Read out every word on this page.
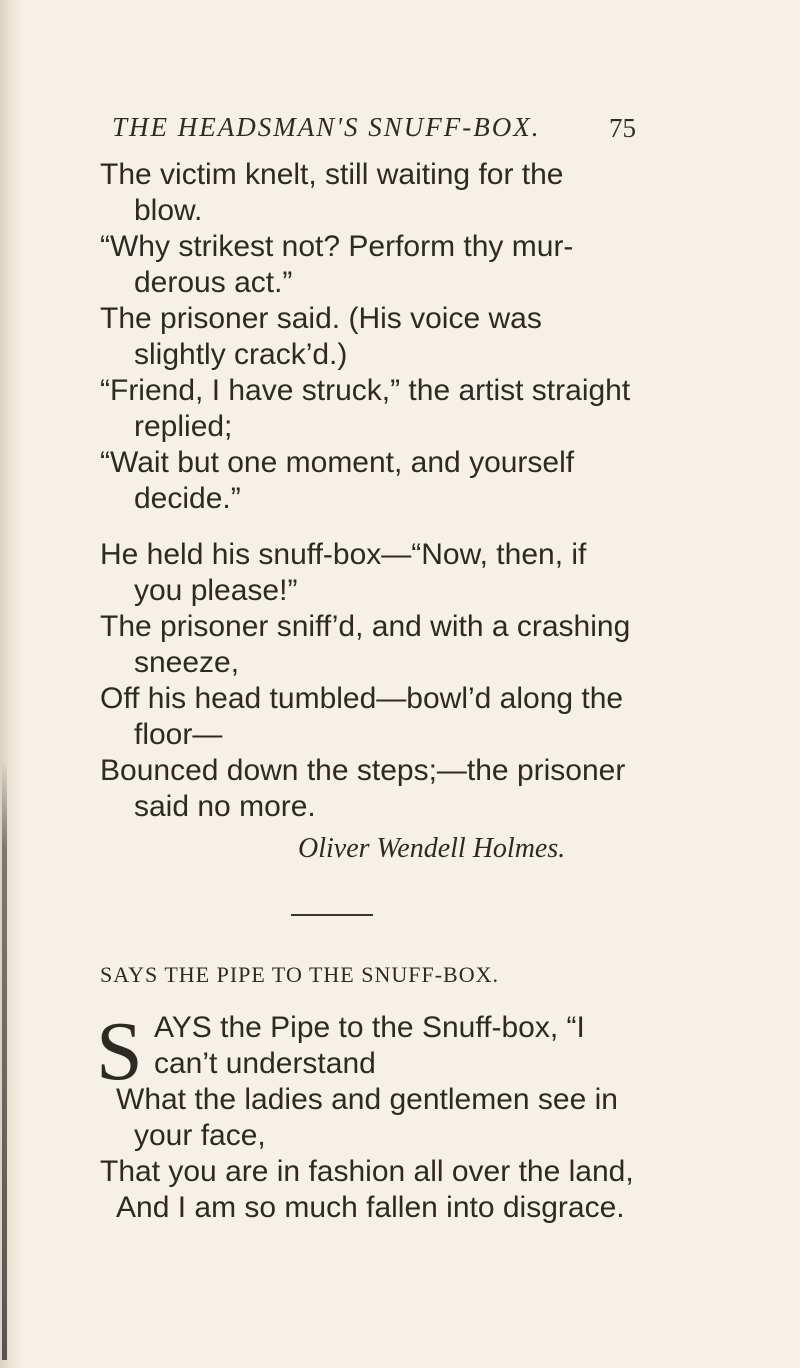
THE HEADSMAN'S SNUFF-BOX.	75
The victim knelt, still waiting for the
blow.
“Why strikest not? Perform thy mur-
derous act.”
The prisoner said. (His voice was
slightly crack’d.)
“Friend, I have struck,” the artist straight
replied;
“Wait but one moment, and yourself
decide.”
He held his snuff-box—“Now, then, if
you please!”
The prisoner sniff’d, and with a crashing
sneeze,
Off his head tumbled—bowl’d along the
floor—
Bounced down the steps;—the prisoner
said no more.
Oliver Wendell Holmes.
SAYS THE PIPE TO THE SNUFF-BOX.
S AYS the Pipe to the Snuff-box, “I
can’t understand
What the ladies and gentlemen see in
your face,
That you are in fashion all over the land,
And I am so much fallen into disgrace.
